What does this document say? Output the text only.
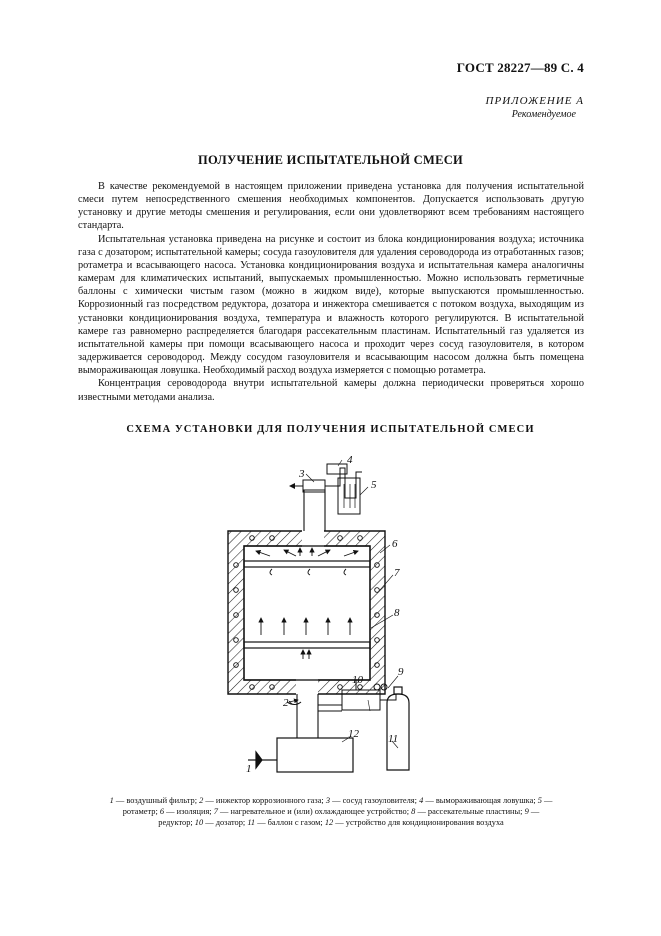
ГОСТ 28227—89 С. 4
ПРИЛОЖЕНИЕ А
Рекомендуемое
ПОЛУЧЕНИЕ ИСПЫТАТЕЛЬНОЙ СМЕСИ

В качестве рекомендуемой в настоящем приложении приведена установка для получения испытательной смеси путем непосредственного смешения необходимых компонентов. Допускается использовать другую установку и другие методы смешения и регулирования, если они удовлетворяют всем требованиям настоящего стандарта.

Испытательная установка приведена на рисунке и состоит из блока кондиционирования воздуха; источника газа с дозатором; испытательной камеры; сосуда газоуловителя для удаления сероводорода из отработанных газов; ротаметра и всасывающего насоса. Установка кондиционирования воздуха и испытательная камера аналогичны камерам для климатических испытаний, выпускаемых промышленностью. Можно использовать герметичные баллоны с химически чистым газом (можно в жидком виде), которые выпускаются промышленностью. Коррозионный газ посредством редуктора, дозатора и инжектора смешивается с потоком воздуха, выходящим из установки кондиционирования воздуха, температура и влажность которого регулируются. В испытательной камере газ равномерно распределяется благодаря рассекательным пластинам. Испытательный газ удаляется из испытательной камеры при помощи всасывающего насоса и проходит через сосуд газоуловителя, в котором задерживается сероводород. Между сосудом газоуловителя и всасывающим насосом должна быть помещена вымораживающая ловушка. Необходимый расход воздуха измеряется с помощью ротаметра.

Концентрация сероводорода внутри испытательной камеры должна периодически проверяться хорошо известными методами анализа.

СХЕМА УСТАНОВКИ ДЛЯ ПОЛУЧЕНИЯ ИСПЫТАТЕЛЬНОЙ СМЕСИ
1
2
3
4
5
6
7
8
9
10
11
12
1 — воздушный фильтр; 2 — инжектор коррозионного газа; 3 — сосуд газоуловителя; 4 — вымораживающая ловушка; 5 — ротаметр; 6 — изоляция; 7 — нагревательное и (или) охлаждающее устройство; 8 — рассекательные пластины; 9 — редуктор; 10 — дозатор; 11 — баллон с газом; 12 — устройство для кондиционирования воздуха
